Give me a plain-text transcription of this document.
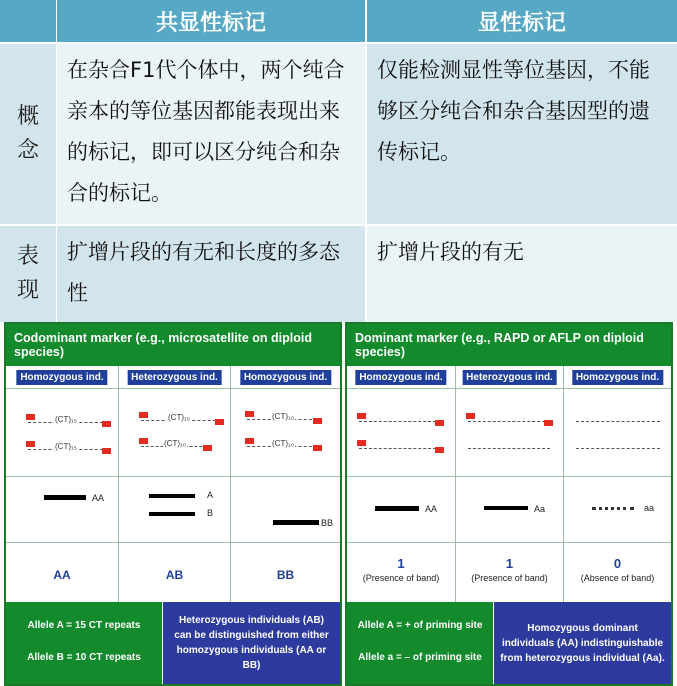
共显性标记	显性标记
概
念
在杂合F1代个体中，两个纯合亲本的等位基因都能表现出来的标记，即可以区分纯合和杂合的标记。
仅能检测显性等位基因，不能够区分纯合和杂合基因型的遗传标记。
表
现
扩增片段的有无和长度的多态性
扩增片段的有无
Codominant marker (e.g., microsatellite on diploid species)
Homozygous ind.
(CT)₁₅
(CT)₁₅
AA
AA
Heterozygous ind.
(CT)₁₅
(CT)₁₀
A
B
AB
Homozygous ind.
(CT)₁₀
(CT)₁₀
BB
BB
Allele A = 15 CT repeats
Allele B = 10 CT repeats
Heterozygous individuals (AB) can be distinguished from either homozygous individuals (AA or BB)
Dominant marker (e.g., RAPD or AFLP on diploid species)
Homozygous ind.
AA
1
(Presence of band)
Heterozygous ind.
Aa
1
(Presence of band)
Homozygous ind.
aa
0
(Absence of band)
Allele A = + of priming site
Allele a = – of priming site
Homozygous dominant individuals (AA) indistinguishable from heterozygous individual (Aa).
